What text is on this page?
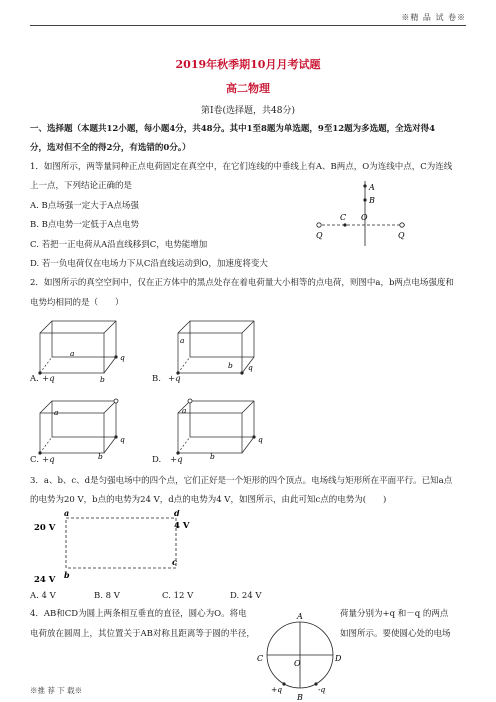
※精 品 试 卷※
2019年秋季期10月月考试题
高二物理
第Ⅰ卷(选择题，共48分)
一、选择题（本题共12小题，每小题4分，共48分。其中1至8题为单选题，9至12题为多选题，全选对得4
分，选对但不全的得2分，有选错的0分。）
1．如图所示，两等量同种正点电荷固定在真空中，在它们连线的中垂线上有A、B两点，O为连线中点，C为连线
上一点，下列结论正确的是
A. B点场强一定大于A点场强
B. B点电势一定低于A点电势
C. 若把一正电荷从A沿直线移到C，电势能增加
D. 若一负电荷仅在电场力下从C沿直线运动到O，加速度将变大
A
B
C O
Q	Q
2．如图所示的真空空间中，仅在正方体中的黑点处存在着电荷量大小相等的点电荷，则图中a，b两点电场强度和
电势均相同的是（　　）
a
b
q
A. +q
a
b q
B. +q
a
b
q
C. +q
a
b
q
D. +q
3．a、b、c、d是匀强电场中的四个点，它们正好是一个矩形的四个顶点。电场线与矩形所在平面平行。已知a点
的电势为20 V，b点的电势为24 V，d点的电势为4 V，如图所示，由此可知c点的电势为(　　)
a	d
b
c
20 V	4 V
24 V
A. 4 V	B. 8 V	C. 12 V	D. 24 V
4．AB和CD为圆上两条相互垂直的直径，圆心为O。将电	荷量分别为+q 和－q 的两点
电荷放在圆周上，其位置关于AB对称且距离等于圆的半径，	如图所示。要使圆心处的电场
A
B
C	D
O
+q	-q
※推 荐 下 载※
